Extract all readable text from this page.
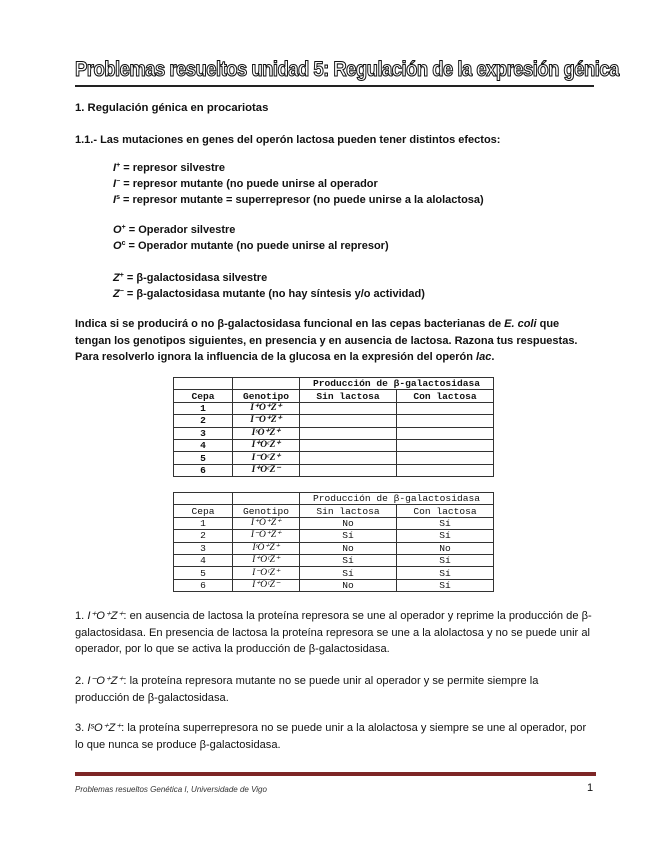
Problemas resueltos unidad 5: Regulación de la expresión génica
1. Regulación génica en procariotas
1.1.- Las mutaciones en genes del operón lactosa pueden tener distintos efectos:
I+ = represor silvestre
I− = represor mutante (no puede unirse al operador
$I^s$ = represor mutante = superrepresor (no puede unirse a la alolactosa)
O+ = Operador silvestre
$O^c$ = Operador mutante (no puede unirse al represor)
Z+ = β-galactosidasa silvestre
Z− = β-galactosidasa mutante (no hay síntesis y/o actividad)
Indica si se producirá o no β-galactosidasa funcional en las cepas bacterianas de E. coli que tengan los genotipos siguientes, en presencia y en ausencia de lactosa. Razona tus respuestas. Para resolverlo ignora la influencia de la glucosa en la expresión del operón lac.
		Producción de β-galactosidasa	
Cepa	Genotipo	Sin lactosa	Con lactosa
1	I⁺O⁺Z⁺		
2	I⁻O⁺Z⁺		
3	IˢO⁺Z⁺		
4	I⁺OᶜZ⁺		
5	I⁻OᶜZ⁺		
6	I⁺OᶜZ⁻		
		Producción de β-galactosidasa	
Cepa	Genotipo	Sin lactosa	Con lactosa
1	I⁺O⁺Z⁺	No	Sí
2	I⁻O⁺Z⁺	Sí	Sí
3	IˢO⁺Z⁺	No	No
4	I⁺OᶜZ⁺	Sí	Sí
5	I⁻OᶜZ⁺	Sí	Sí
6	I⁺OᶜZ⁻	No	Sí
1. I⁺O⁺Z⁺: en ausencia de lactosa la proteína represora se une al operador y reprime la producción de β-galactosidasa. En presencia de lactosa la proteína represora se une a la alolactosa y no se puede unir al operador, por lo que se activa la producción de β-galactosidasa.
2. I⁻O⁺Z⁺: la proteína represora mutante no se puede unir al operador y se permite siempre la producción de β-galactosidasa.
3. IˢO⁺Z⁺: la proteína superrepresora no se puede unir a la alolactosa y siempre se une al operador, por lo que nunca se produce β-galactosidasa.
Problemas resueltos Genética I, Universidade de Vigo	1
